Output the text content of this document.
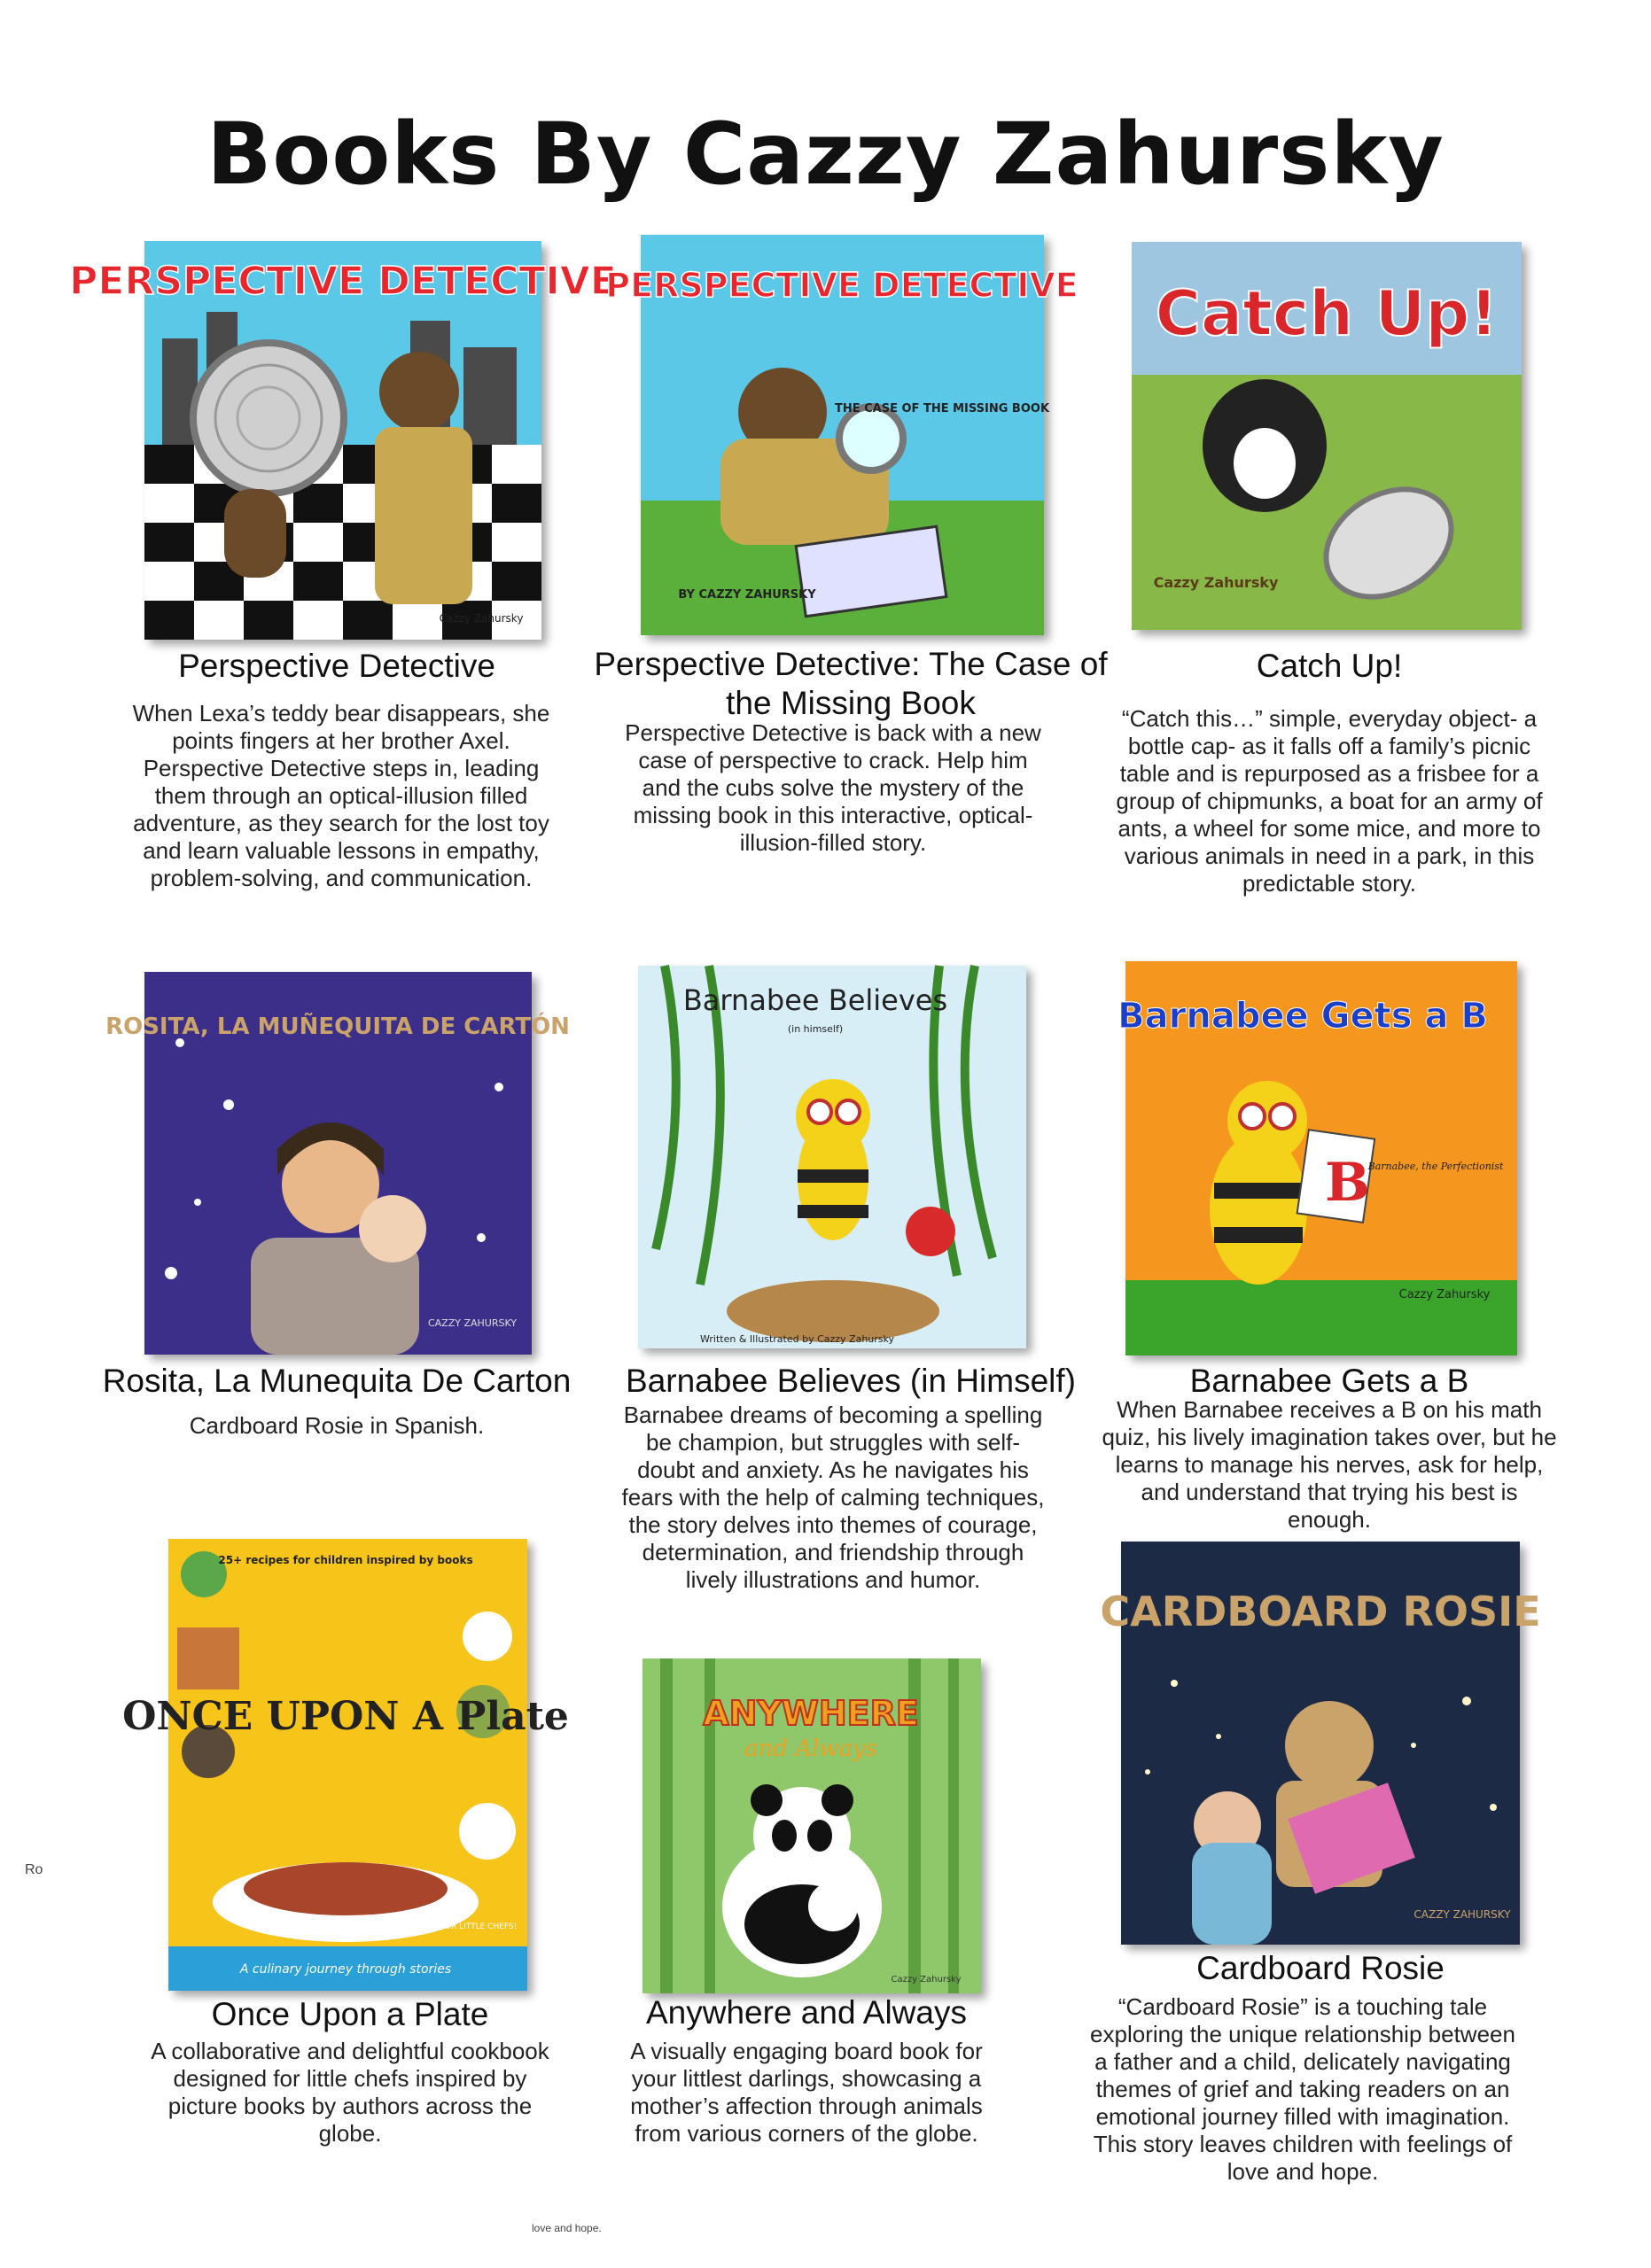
Books By Cazzy Zahursky
PERSPECTIVE DETECTIVE
Cazzy Zahursky
Perspective Detective
When Lexa’s teddy bear disappears, she points fingers at her brother Axel. Perspective Detective steps in, leading them through an optical-illusion filled adventure, as they search for the lost toy and learn valuable lessons in empathy, problem-solving, and communication.
PERSPECTIVE DETECTIVE
THE CASE OF THE MISSING BOOK
BY CAZZY ZAHURSKY
Perspective Detective: The Case of the Missing Book
Perspective Detective is back with a new case of perspective to crack. Help him and the cubs solve the mystery of the missing book in this interactive, optical-illusion-filled story.
Catch Up!
Cazzy Zahursky
Catch Up!
“Catch this…” simple, everyday object- a bottle cap- as it falls off a family’s picnic table and is repurposed as a frisbee for a group of chipmunks, a boat for an army of ants, a wheel for some mice, and more to various animals in need in a park, in this predictable story.
ROSITA, LA MUÑEQUITA DE CARTÓN
CAZZY ZAHURSKY
Rosita, La Munequita De Carton
Cardboard Rosie in Spanish.
Barnabee Believes
(in himself)
Written & Illustrated by Cazzy Zahursky
Barnabee Believes (in Himself)
Barnabee dreams of becoming a spelling be champion, but struggles with self-doubt and anxiety. As he navigates his fears with the help of calming techniques, the story delves into themes of courage, determination, and friendship through lively illustrations and humor.
B
Barnabee Gets a B
Barnabee, the Perfectionist
Cazzy Zahursky
Barnabee Gets a B
When Barnabee receives a B on his math quiz, his lively imagination takes over, but he learns to manage his nerves, ask for help, and understand that trying his best is enough.
25+ recipes for children inspired by books
ONCE UPON A Plate
A culinary journey through stories
FOR LITTLE CHEFS!
Once Upon a Plate
A collaborative and delightful cookbook designed for little chefs inspired by picture books by authors across the globe.
ANYWHERE
and Always
Cazzy Zahursky
Anywhere and Always
A visually engaging board book for your littlest darlings, showcasing a mother’s affection through animals from various corners of the globe.
CARDBOARD ROSIE
CAZZY ZAHURSKY
Cardboard Rosie
“Cardboard Rosie” is a touching tale exploring the unique relationship between a father and a child, delicately navigating themes of grief and taking readers on an emotional journey filled with imagination. This story leaves children with feelings of love and hope.
Ro
love and hope.
